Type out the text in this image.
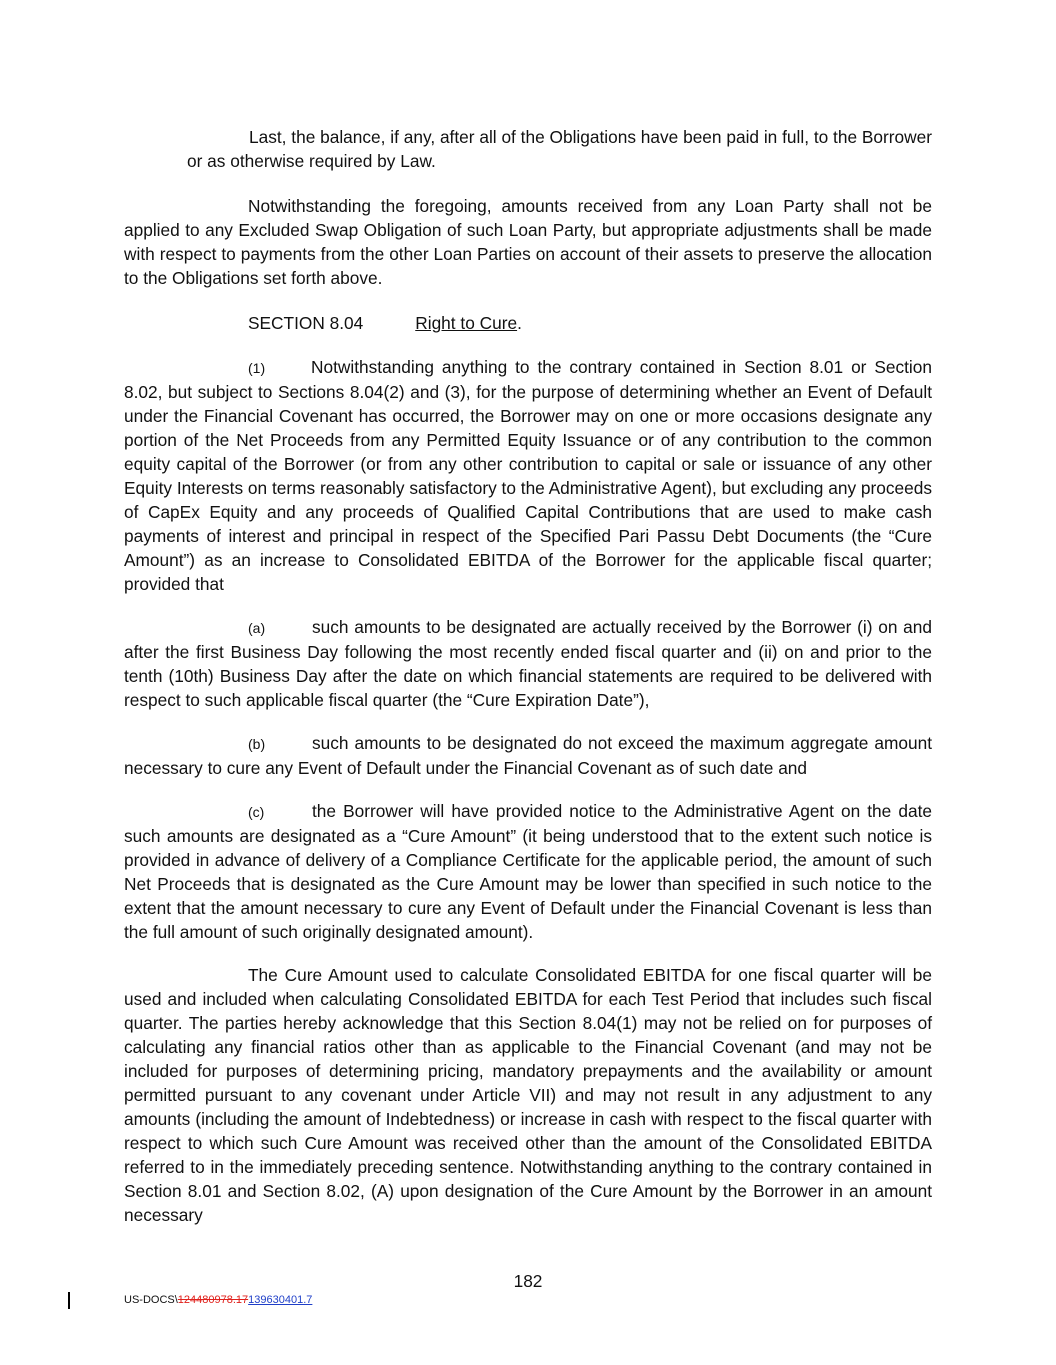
Last, the balance, if any, after all of the Obligations have been paid in full, to the Borrower or as otherwise required by Law.

Notwithstanding the foregoing, amounts received from any Loan Party shall not be applied to any Excluded Swap Obligation of such Loan Party, but appropriate adjustments shall be made with respect to payments from the other Loan Parties on account of their assets to preserve the allocation to the Obligations set forth above.

SECTION 8.04	Right to Cure.

(1)	Notwithstanding anything to the contrary contained in Section 8.01 or Section 8.02, but subject to Sections 8.04(2) and (3), for the purpose of determining whether an Event of Default under the Financial Covenant has occurred, the Borrower may on one or more occasions designate any portion of the Net Proceeds from any Permitted Equity Issuance or of any contribution to the common equity capital of the Borrower (or from any other contribution to capital or sale or issuance of any other Equity Interests on terms reasonably satisfactory to the Administrative Agent), but excluding any proceeds of CapEx Equity and any proceeds of Qualified Capital Contributions that are used to make cash payments of interest and principal in respect of the Specified Pari Passu Debt Documents (the “Cure Amount”) as an increase to Consolidated EBITDA of the Borrower for the applicable fiscal quarter; provided that

(a)	such amounts to be designated are actually received by the Borrower (i) on and after the first Business Day following the most recently ended fiscal quarter and (ii) on and prior to the tenth (10th) Business Day after the date on which financial statements are required to be delivered with respect to such applicable fiscal quarter (the “Cure Expiration Date”),

(b)	such amounts to be designated do not exceed the maximum aggregate amount necessary to cure any Event of Default under the Financial Covenant as of such date and

(c)	the Borrower will have provided notice to the Administrative Agent on the date such amounts are designated as a “Cure Amount” (it being understood that to the extent such notice is provided in advance of delivery of a Compliance Certificate for the applicable period, the amount of such Net Proceeds that is designated as the Cure Amount may be lower than specified in such notice to the extent that the amount necessary to cure any Event of Default under the Financial Covenant is less than the full amount of such originally designated amount).

The Cure Amount used to calculate Consolidated EBITDA for one fiscal quarter will be used and included when calculating Consolidated EBITDA for each Test Period that includes such fiscal quarter. The parties hereby acknowledge that this Section 8.04(1) may not be relied on for purposes of calculating any financial ratios other than as applicable to the Financial Covenant (and may not be included for purposes of determining pricing, mandatory prepayments and the availability or amount permitted pursuant to any covenant under Article VII) and may not result in any adjustment to any amounts (including the amount of Indebtedness) or increase in cash with respect to the fiscal quarter with respect to which such Cure Amount was received other than the amount of the Consolidated EBITDA referred to in the immediately preceding sentence. Notwithstanding anything to the contrary contained in Section 8.01 and Section 8.02, (A) upon designation of the Cure Amount by the Borrower in an amount necessary

182
US-DOCS\124480978.17139630401.7
